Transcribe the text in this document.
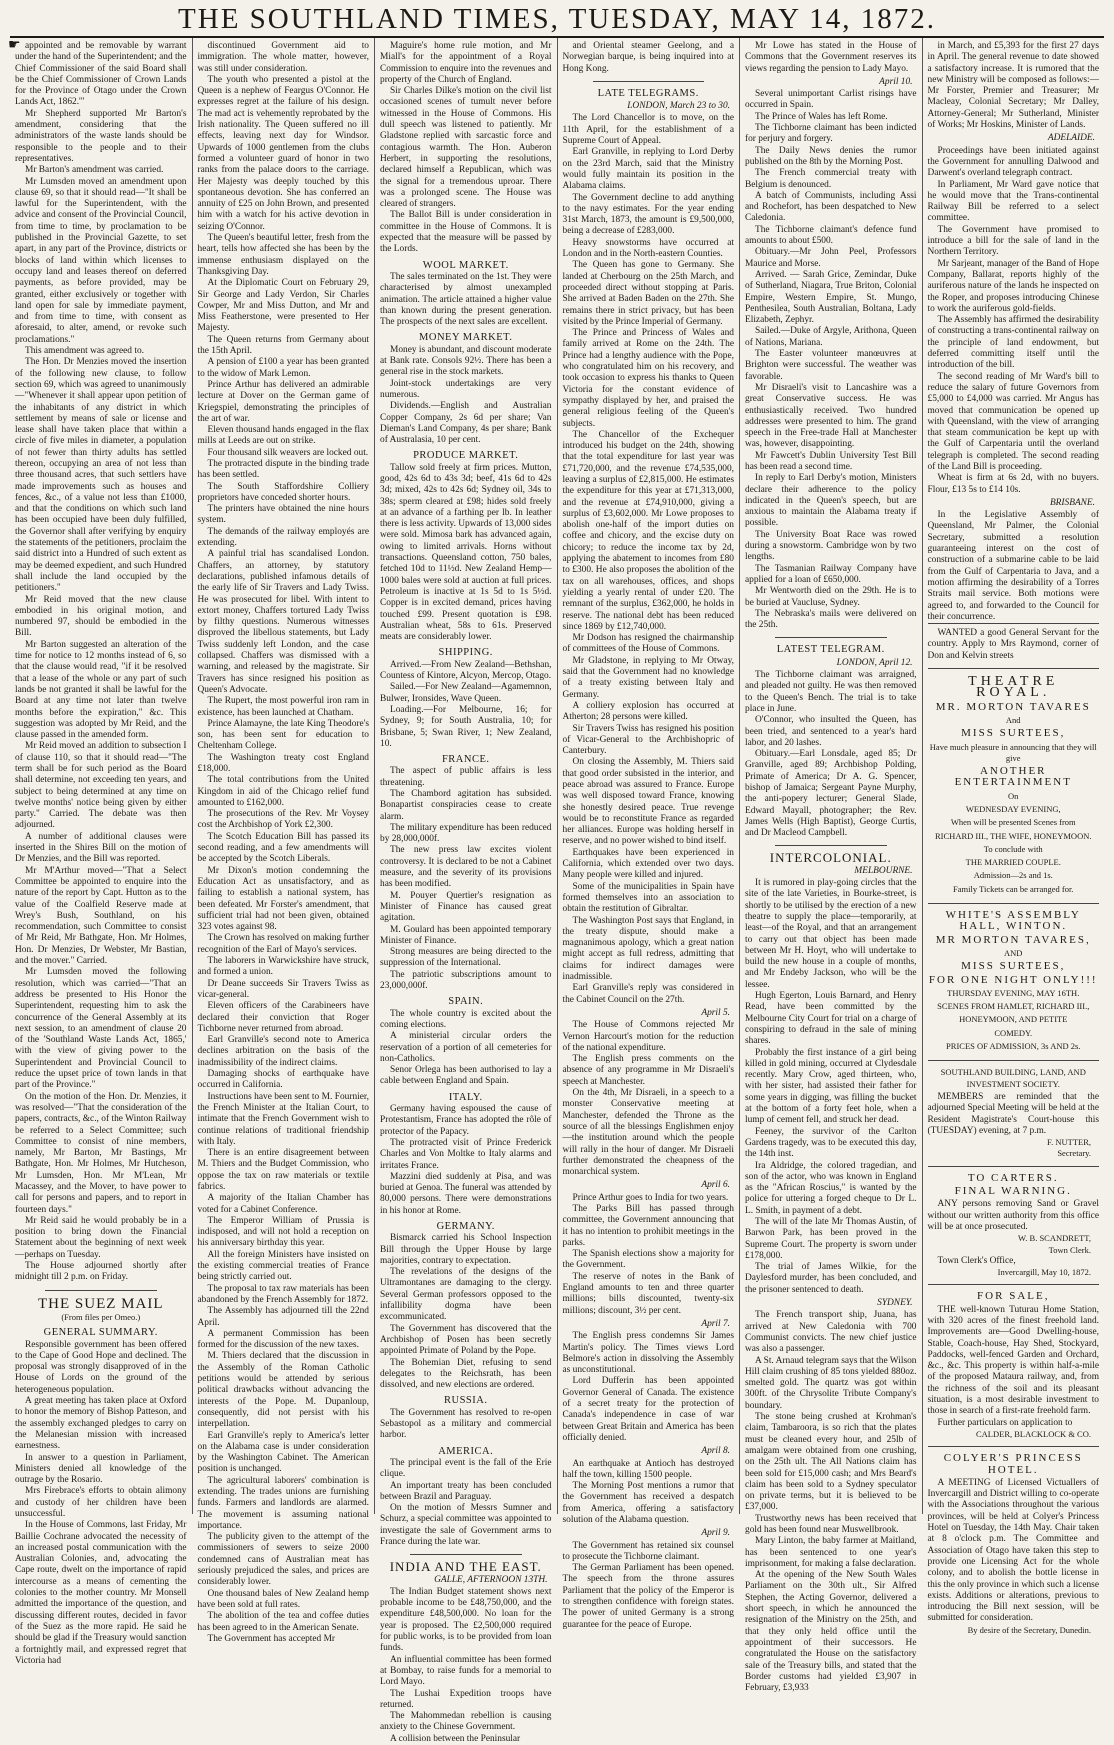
☛
THE SOUTHLAND TIMES, TUESDAY, MAY 14, 1872.

appointed and be removable by warrant under the hand of the Superintendent; and the Chief Commissioner of the said Board shall be the Chief Commissioner of Crown Lands for the Province of Otago under the Crown Lands Act, 1862.'"

Mr Shepherd supported Mr Barton's amendment, considering that the administrators of the waste lands should be responsible to the people and to their representatives.

Mr Barton's amendment was carried.

Mr Lumsden moved an amendment upon clause 69, so that it should read—"It shall be lawful for the Superintendent, with the advice and consent of the Provincial Council, from time to time, by proclamation to be published in the Provincial Gazette, to set apart, in any part of the Province, districts or blocks of land within which licenses to occupy land and leases thereof on deferred payments, as before provided, may be granted, either exclusively or together with land open for sale by immediate payment, and from time to time, with consent as aforesaid, to alter, amend, or revoke such proclamations."

This amendment was agreed to.

The Hon. Dr Menzies moved the insertion of the following new clause, to follow section 69, which was agreed to unanimously—"Whenever it shall appear upon petition of the inhabitants of any district in which settlement by means of sale or license and lease shall have taken place that within a circle of five miles in diameter, a population of not fewer than thirty adults has settled thereon, occupying an area of not less than three thousand acres, that such settlers have made improvements such as houses and fences, &c., of a value not less than £1000, and that the conditions on which such land has been occupied have been duly fulfilled, the Governor shall after verifying by enquiry the statements of the petitioners, proclaim the said district into a Hundred of such extent as may be deemed expedient, and such Hundred shall include the land occupied by the petitioners."

Mr Reid moved that the new clause embodied in his original motion, and numbered 97, should be embodied in the Bill.

Mr Barton suggested an alteration of the time for notice to 12 months instead of 6, so that the clause would read, "if it be resolved that a lease of the whole or any part of such lands be not granted it shall be lawful for the Board at any time not later than twelve months before the expiration," &c. This suggestion was adopted by Mr Reid, and the clause passed in the amended form.

Mr Reid moved an addition to subsection I of clause 110, so that it should read—"The term shall be for such period as the Board shall determine, not exceeding ten years, and subject to being determined at any time on twelve months' notice being given by either party." Carried. The debate was then adjourned.

A number of additional clauses were inserted in the Shires Bill on the motion of Dr Menzies, and the Bill was reported.

Mr M'Arthur moved—"That a Select Committee be appointed to enquire into the nature of the report by Capt. Hutton as to the value of the Coalfield Reserve made at Wrey's Bush, Southland, on his recommendation, such Committee to consist of Mr Reid, Mr Bathgate, Hon. Mr Holmes, Hon. Dr Menzies, Dr Webster, Mr Bastian, and the mover." Carried.

Mr Lumsden moved the following resolution, which was carried—"That an address be presented to His Honor the Superintendent, requesting him to ask the concurrence of the General Assembly at its next session, to an amendment of clause 20 of the 'Southland Waste Lands Act, 1865,' with the view of giving power to the Superintendent and Provincial Council to reduce the upset price of town lands in that part of the Province."

On the motion of the Hon. Dr. Menzies, it was resolved—"That the consideration of the papers, contracts, &c., of the Winton Railway be referred to a Select Committee; such Committee to consist of nine members, namely, Mr Barton, Mr Bastings, Mr Bathgate, Hon. Mr Holmes, Mr Hutcheson, Mr Lumsden, Hon. Mr M'Lean, Mr Macassey, and the Mover, to have power to call for persons and papers, and to report in fourteen days."

Mr Reid said he would probably be in a position to bring down the Financial Statement about the beginning of next week—perhaps on Tuesday.

The House adjourned shortly after midnight till 2 p.m. on Friday.

THE SUEZ MAIL
(From files per Omeo.)
GENERAL SUMMARY.

Responsible government has been offered to the Cape of Good Hope and declined. The proposal was strongly disapproved of in the House of Lords on the ground of the heterogeneous population.

A great meeting has taken place at Oxford to honor the memory of Bishop Patteson, and the assembly exchanged pledges to carry on the Melanesian mission with increased earnestness.

In answer to a question in Parliament, Ministers denied all knowledge of the outrage by the Rosario.

Mrs Firebrace's efforts to obtain alimony and custody of her children have been unsuccessful.

In the House of Commons, last Friday, Mr Baillie Cochrane advocated the necessity of an increased postal communication with the Australian Colonies, and, advocating the Cape route, dwelt on the importance of rapid intercourse as a means of cementing the colonies to the mother country. Mr Monsell admitted the importance of the question, and discussing different routes, decided in favor of the Suez as the more rapid. He said he should be glad if the Treasury would sanction a fortnightly mail, and expressed regret that Victoria had

discontinued Government aid to immigration. The whole matter, however, was still under consideration.

The youth who presented a pistol at the Queen is a nephew of Feargus O'Connor. He expresses regret at the failure of his design. The mad act is vehemently reprobated by the Irish nationality. The Queen suffered no ill effects, leaving next day for Windsor. Upwards of 1000 gentlemen from the clubs formed a volunteer guard of honor in two ranks from the palace doors to the carriage. Her Majesty was deeply touched by this spontaneous devotion. She has conferred an annuity of £25 on John Brown, and presented him with a watch for his active devotion in seizing O'Connor.

The Queen's beautiful letter, fresh from the heart, tells how affected she has been by the immense enthusiasm displayed on the Thanksgiving Day.

At the Diplomatic Court on February 29, Sir George and Lady Verdon, Sir Charles Cowper, Mr and Miss Dutton, and Mr and Miss Featherstone, were presented to Her Majesty.

The Queen returns from Germany about the 15th April.

A pension of £100 a year has been granted to the widow of Mark Lemon.

Prince Arthur has delivered an admirable lecture at Dover on the German game of Kriegspiel, demonstrating the principles of the art of war.

Eleven thousand hands engaged in the flax mills at Leeds are out on strike.

Four thousand silk weavers are locked out.

The protracted dispute in the binding trade has been settled.

The South Staffordshire Colliery proprietors have conceded shorter hours.

The printers have obtained the nine hours system.

The demands of the railway employés are extending.

A painful trial has scandalised London. Chaffers, an attorney, by statutory declarations, published infamous details of the early life of Sir Travers and Lady Twiss. He was prosecuted for libel. With intent to extort money, Chaffers tortured Lady Twiss by filthy questions. Numerous witnesses disproved the libellous statements, but Lady Twiss suddenly left London, and the case collapsed. Chaffers was dismissed with a warning, and released by the magistrate. Sir Travers has since resigned his position as Queen's Advocate.

The Rupert, the most powerful iron ram in existence, has been launched at Chatham.

Prince Alamayne, the late King Theodore's son, has been sent for education to Cheltenham College.

The Washington treaty cost England £18,000.

The total contributions from the United Kingdom in aid of the Chicago relief fund amounted to £162,000.

The prosecutions of the Rev. Mr Voysey cost the Archbishop of York £2,300.

The Scotch Education Bill has passed its second reading, and a few amendments will be accepted by the Scotch Liberals.

Mr Dixon's motion condemning the Education Act as unsatisfactory, and as failing to establish a national system, has been defeated. Mr Forster's amendment, that sufficient trial had not been given, obtained 323 votes against 98.

The Crown has resolved on making further recognition of the Earl of Mayo's services.

The laborers in Warwickshire have struck, and formed a union.

Dr Deane succeeds Sir Travers Twiss as vicar-general.

Eleven officers of the Carabineers have declared their conviction that Roger Tichborne never returned from abroad.

Earl Granville's second note to America declines arbitration on the basis of the inadmissibility of the indirect claims.

Damaging shocks of earthquake have occurred in California.

Instructions have been sent to M. Fournier, the French Minister at the Italian Court, to intimate that the French Government wish to continue relations of traditional friendship with Italy.

There is an entire disagreement between M. Thiers and the Budget Commission, who oppose the tax on raw materials or textile fabrics.

A majority of the Italian Chamber has voted for a Cabinet Conference.

The Emperor William of Prussia is indisposed, and will not hold a reception on his anniversary birthday this year.

All the foreign Ministers have insisted on the existing commercial treaties of France being strictly carried out.

The proposal to tax raw materials has been abandoned by the French Assembly for 1872.

The Assembly has adjourned till the 22nd April.

A permanent Commission has been formed for the discussion of the new taxes.

M. Thiers declared that the discussion in the Assembly of the Roman Catholic petitions would be attended by serious political drawbacks without advancing the interests of the Pope. M. Dupanloup, consequently, did not persist with his interpellation.

Earl Granville's reply to America's letter on the Alabama case is under consideration by the Washington Cabinet. The American position is unchanged.

The agricultural laborers' combination is extending. The trades unions are furnishing funds. Farmers and landlords are alarmed. The movement is assuming national importance.

The publicity given to the attempt of the commissioners of sewers to seize 2000 condemned cans of Australian meat has seriously prejudiced the sales, and prices are considerably lower.

One thousand bales of New Zealand hemp have been sold at full rates.

The abolition of the tea and coffee duties has been agreed to in the American Senate.

The Government has accepted Mr

Maguire's home rule motion, and Mr Miall's for the appointment of a Royal Commission to enquire into the revenues and property of the Church of England.

Sir Charles Dilke's motion on the civil list occasioned scenes of tumult never before witnessed in the House of Commons. His dull speech was listened to patiently. Mr Gladstone replied with sarcastic force and contagious warmth. The Hon. Auberon Herbert, in supporting the resolutions, declared himself a Republican, which was the signal for a tremendous uproar. There was a prolonged scene. The House was cleared of strangers.

The Ballot Bill is under consideration in committee in the House of Commons. It is expected that the measure will be passed by the Lords.

WOOL MARKET.

The sales terminated on the 1st. They were characterised by almost unexampled animation. The article attained a higher value than known during the present generation. The prospects of the next sales are excellent.

MONEY MARKET.

Money is abundant, and discount moderate at Bank rate. Consols 92½. There has been a general rise in the stock markets.

Joint-stock undertakings are very numerous.

Dividends.—English and Australian Copper Company, 2s 6d per share; Van Dieman's Land Company, 4s per share; Bank of Australasia, 10 per cent.

PRODUCE MARKET.

Tallow sold freely at firm prices. Mutton, good, 42s 6d to 43s 3d; beef, 41s 6d to 42s 3d; mixed, 42s to 42s 6d; Sydney oil, 34s to 38s; sperm cleared at £98; hides sold freely at an advance of a farthing per lb. In leather there is less activity. Upwards of 13,000 sides were sold. Mimosa bark has advanced again, owing to limited arrivals. Horns without transactions. Queensland cotton, 750 bales, fetched 10d to 11½d. New Zealand Hemp—1000 bales were sold at auction at full prices. Petroleum is inactive at 1s 5d to 1s 5½d. Copper is in excited demand, prices having touched £99. Present quotation is £98. Australian wheat, 58s to 61s. Preserved meats are considerably lower.

SHIPPING.

Arrived.—From New Zealand—Bethshan, Countess of Kintore, Alcyon, Mercop, Otago.

Sailed.—For New Zealand—Agamemnon, Bulwer, Ironsides, Wave Queen.

Loading.—For Melbourne, 16; for Sydney, 9; for South Australia, 10; for Brisbane, 5; Swan River, 1; New Zealand, 10.

FRANCE.

The aspect of public affairs is less threatening.

The Chambord agitation has subsided. Bonapartist conspiracies cease to create alarm.

The military expenditure has been reduced by 28,000,000f.

The new press law excites violent controversy. It is declared to be not a Cabinet measure, and the severity of its provisions has been modified.

M. Pouyer Quertier's resignation as Minister of Finance has caused great agitation.

M. Goulard has been appointed temporary Minister of Finance.

Strong measures are being directed to the suppression of the International.

The patriotic subscriptions amount to 23,000,000f.

SPAIN.

The whole country is excited about the coming elections.

A ministerial circular orders the reservation of a portion of all cemeteries for non-Catholics.

Senor Orlega has been authorised to lay a cable between England and Spain.

ITALY.

Germany having espoused the cause of Protestantism, France has adopted the rôle of protector of the Papacy.

The protracted visit of Prince Frederick Charles and Von Moltke to Italy alarms and irritates France.

Mazzini died suddenly at Pisa, and was buried at Genoa. The funeral was attended by 80,000 persons. There were demonstrations in his honor at Rome.

GERMANY.

Bismarck carried his School Inspection Bill through the Upper House by large majorities, contrary to expectation.

The revelations of the designs of the Ultramontanes are damaging to the clergy. Several German professors opposed to the infallibility dogma have been excommunicated.

The Government has discovered that the Archbishop of Posen has been secretly appointed Primate of Poland by the Pope.

The Bohemian Diet, refusing to send delegates to the Reichsrath, has been dissolved, and new elections are ordered.

RUSSIA.

The Government has resolved to re-open Sebastopol as a military and commercial harbor.

AMERICA.

The principal event is the fall of the Erie clique.

An important treaty has been concluded between Brazil and Paraguay.

On the motion of Messrs Sumner and Schurz, a special committee was appointed to investigate the sale of Government arms to France during the late war.

INDIA AND THE EAST.
GALLE, AFTERNOON 13TH.

The Indian Budget statement shows next probable income to be £48,750,000, and the expenditure £48,500,000. No loan for the year is proposed. The £2,500,000 required for public works, is to be provided from loan funds.

An influential committee has been formed at Bombay, to raise funds for a memorial to Lord Mayo.

The Lushai Expedition troops have returned.

The Mahommedan rebellion is causing anxiety to the Chinese Government.

A collision between the Peninsular

and Oriental steamer Geelong, and a Norwegian barque, is being inquired into at Hong Kong.

LATE TELEGRAMS.
LONDON, March 23 to 30.

The Lord Chancellor is to move, on the 11th April, for the establishment of a Supreme Court of Appeal.

Earl Granville, in replying to Lord Derby on the 23rd March, said that the Ministry would fully maintain its position in the Alabama claims.

The Government decline to add anything to the navy estimates. For the year ending 31st March, 1873, the amount is £9,500,000, being a decrease of £283,000.

Heavy snowstorms have occurred at London and in the North-eastern Counties.

The Queen has gone to Germany. She landed at Cherbourg on the 25th March, and proceeded direct without stopping at Paris. She arrived at Baden Baden on the 27th. She remains there in strict privacy, but has been visited by the Prince Imperial of Germany.

The Prince and Princess of Wales and family arrived at Rome on the 24th. The Prince had a lengthy audience with the Pope, who congratulated him on his recovery, and took occasion to express his thanks to Queen Victoria for the constant evidence of sympathy displayed by her, and praised the general religious feeling of the Queen's subjects.

The Chancellor of the Exchequer introduced his budget on the 24th, showing that the total expenditure for last year was £71,720,000, and the revenue £74,535,000, leaving a surplus of £2,815,000. He estimates the expenditure for this year at £71,313,000, and the revenue at £74,910,000, giving a surplus of £3,602,000. Mr Lowe proposes to abolish one-half of the import duties on coffee and chicory, and the excise duty on chicory; to reduce the income tax by 2d, applying the abatement to incomes from £80 to £300. He also proposes the abolition of the tax on all warehouses, offices, and shops yielding a yearly rental of under £20. The remnant of the surplus, £362,000, he holds in reserve. The national debt has been reduced since 1869 by £12,740,000.

Mr Dodson has resigned the chairmanship of committees of the House of Commons.

Mr Gladstone, in replying to Mr Otway, said that the Government had no knowledge of a treaty existing between Italy and Germany.

A colliery explosion has occurred at Atherton; 28 persons were killed.

Sir Travers Twiss has resigned his position of Vicar-General to the Archbishopric of Canterbury.

On closing the Assembly, M. Thiers said that good order subsisted in the interior, and peace abroad was assured to France. Europe was well disposed toward France, knowing she honestly desired peace. True revenge would be to reconstitute France as regarded her alliances. Europe was holding herself in reserve, and no power wished to bind itself.

Earthquakes have been experienced in California, which extended over two days. Many people were killed and injured.

Some of the municipalities in Spain have formed themselves into an association to obtain the restitution of Gibraltar.

The Washington Post says that England, in the treaty dispute, should make a magnanimous apology, which a great nation might accept as full redress, admitting that claims for indirect damages were inadmissible.

Earl Granville's reply was considered in the Cabinet Council on the 27th.

April 5.

The House of Commons rejected Mr Vernon Harcourt's motion for the reduction of the national expenditure.

The English press comments on the absence of any programme in Mr Disraeli's speech at Manchester.

On the 4th, Mr Disraeli, in a speech to a monster Conservative meeting at Manchester, defended the Throne as the source of all the blessings Englishmen enjoy—the institution around which the people will rally in the hour of danger. Mr Disraeli further demonstrated the cheapness of the monarchical system.

April 6.

Prince Arthur goes to India for two years.

The Parks Bill has passed through committee, the Government announcing that it has no intention to prohibit meetings in the parks.

The Spanish elections show a majority for the Government.

The reserve of notes in the Bank of England amounts to ten and three quarter millions; bills discounted, twenty-six millions; discount, 3½ per cent.

April 7.

The English press condemns Sir James Martin's policy. The Times views Lord Belmore's action in dissolving the Assembly as unconstitutional.

Lord Dufferin has been appointed Governor General of Canada. The existence of a secret treaty for the protection of Canada's independence in case of war between Great Britain and America has been officially denied.

April 8.

An earthquake at Antioch has destroyed half the town, killing 1500 people.

The Morning Post mentions a rumor that the Government has received a despatch from America, offering a satisfactory solution of the Alabama question.

April 9.

The Government has retained six counsel to prosecute the Tichborne claimant.

The German Parliament has been opened. The speech from the throne assures Parliament that the policy of the Emperor is to strengthen confidence with foreign states. The power of united Germany is a strong guarantee for the peace of Europe.

Mr Lowe has stated in the House of Commons that the Government reserves its views regarding the pension to Lady Mayo.

April 10.

Several unimportant Carlist risings have occurred in Spain.

The Prince of Wales has left Rome.

The Tichborne claimant has been indicted for perjury and forgery.

The Daily News denies the rumor published on the 8th by the Morning Post.

The French commercial treaty with Belgium is denounced.

A batch of Communists, including Assi and Rochefort, has been despatched to New Caledonia.

The Tichborne claimant's defence fund amounts to about £500.

Obituary.—Mr John Peel, Professors Maurice and Morse.

Arrived. — Sarah Grice, Zemindar, Duke of Sutherland, Niagara, True Briton, Colonial Empire, Western Empire, St. Mungo, Penthesilea, South Australian, Boltana, Lady Elizabeth, Zephyr.

Sailed.—Duke of Argyle, Arithona, Queen of Nations, Mariana.

The Easter volunteer manœuvres at Brighton were successful. The weather was favorable.

Mr Disraeli's visit to Lancashire was a great Conservative success. He was enthusiastically received. Two hundred addresses were presented to him. The grand speech in the Free-trade Hall at Manchester was, however, disappointing.

Mr Fawcett's Dublin University Test Bill has been read a second time.

In reply to Earl Derby's motion, Ministers declare their adherence to the policy indicated in the Queen's speech, but are anxious to maintain the Alabama treaty if possible.

The University Boat Race was rowed during a snowstorm. Cambridge won by two lengths.

The Tasmanian Railway Company have applied for a loan of £650,000.

Mr Wentworth died on the 29th. He is to be buried at Vaucluse, Sydney.

The Nebraska's mails were delivered on the 25th.

LATEST TELEGRAM.
LONDON, April 12.

The Tichborne claimant was arraigned, and pleaded not guilty. He was then removed to the Queen's Bench. The trial is to take place in June.

O'Connor, who insulted the Queen, has been tried, and sentenced to a year's hard labor, and 20 lashes.

Obituary.—Earl Lonsdale, aged 85; Dr Granville, aged 89; Archbishop Polding, Primate of America; Dr A. G. Spencer, bishop of Jamaica; Sergeant Payne Murphy, the anti-popery lecturer; General Slade, Edward Mayall, photographer; the Rev. James Wells (High Baptist), George Curtis, and Dr Macleod Campbell.

INTERCOLONIAL.
MELBOURNE.

It is rumored in play-going circles that the site of the late Varieties, in Bourke-street, is shortly to be utilised by the erection of a new theatre to supply the place—temporarily, at least—of the Royal, and that an arrangement to carry out that object has been made between Mr H. Hoyt, who will undertake to build the new house in a couple of months, and Mr Endeby Jackson, who will be the lessee.

Hugh Egerton, Louis Barnard, and Henry Read, have been committed by the Melbourne City Court for trial on a charge of conspiring to defraud in the sale of mining shares.

Probably the first instance of a girl being killed in gold mining, occurred at Clydesdale recently. Mary Crow, aged thirteen, who, with her sister, had assisted their father for some years in digging, was filling the bucket at the bottom of a forty feet hole, when a lump of cement fell, and struck her dead.

Feeney, the survivor of the Carlton Gardens tragedy, was to be executed this day, the 14th inst.

Ira Aldridge, the colored tragedian, and son of the actor, who was known in England as the "African Roscius," is wanted by the police for uttering a forged cheque to Dr L. L. Smith, in payment of a debt.

The will of the late Mr Thomas Austin, of Barwon Park, has been proved in the Supreme Court. The property is sworn under £178,000.

The trial of James Wilkie, for the Daylesford murder, has been concluded, and the prisoner sentenced to death.

SYDNEY.

The French transport ship, Juana, has arrived at New Caledonia with 700 Communist convicts. The new chief justice was also a passenger.

A St. Arnaud telegram says that the Wilson Hill claim crushing of 85 tons yielded 880oz. smelted gold. The quartz was got within 300ft. of the Chrysolite Tribute Company's boundary.

The stone being crushed at Krohman's claim, Tambaroora, is so rich that the plates must be cleaned every hour, and 25lb of amalgam were obtained from one crushing, on the 25th ult. The All Nations claim has been sold for £15,000 cash; and Mrs Beard's claim has been sold to a Sydney speculator on private terms, but it is believed to be £37,000.

Trustworthy news has been received that gold has been found near Muswellbrook.

Mary Linton, the baby farmer at Maitland, has been sentenced to one year's imprisonment, for making a false declaration.

At the opening of the New South Wales Parliament on the 30th ult., Sir Alfred Stephen, the Acting Governor, delivered a short speech, in which he announced the resignation of the Ministry on the 25th, and that they only held office until the appointment of their successors. He congratulated the House on the satisfactory sale of the Treasury bills, and stated that the Border customs had yielded £3,907 in February, £3,933

in March, and £5,393 for the first 27 days in April. The general revenue to date showed a satisfactory increase. It is rumored that the new Ministry will be composed as follows:—Mr Forster, Premier and Treasurer; Mr Macleay, Colonial Secretary; Mr Dalley, Attorney-General; Mr Sutherland, Minister of Works; Mr Hoskins, Minister of Lands.

ADELAIDE.

Proceedings have been initiated against the Government for annulling Dalwood and Darwent's overland telegraph contract.

In Parliament, Mr Ward gave notice that he would move that the Trans-continental Railway Bill be referred to a select committee.

The Government have promised to introduce a bill for the sale of land in the Northern Territory.

Mr Sarjeant, manager of the Band of Hope Company, Ballarat, reports highly of the auriferous nature of the lands he inspected on the Roper, and proposes introducing Chinese to work the auriferous gold-fields.

The Assembly has affirmed the desirability of constructing a trans-continental railway on the principle of land endowment, but deferred committing itself until the introduction of the bill.

The second reading of Mr Ward's bill to reduce the salary of future Governors from £5,000 to £4,000 was carried. Mr Angus has moved that communication be opened up with Queensland, with the view of arranging that steam communication be kept up with the Gulf of Carpentaria until the overland telegraph is completed. The second reading of the Land Bill is proceeding.

Wheat is firm at 6s 2d, with no buyers. Flour, £13 5s to £14 10s.

BRISBANE.

In the Legislative Assembly of Queensland, Mr Palmer, the Colonial Secretary, submitted a resolution guaranteeing interest on the cost of construction of a submarine cable to be laid from the Gulf of Carpentaria to Java, and a motion affirming the desirability of a Torres Straits mail service. Both motions were agreed to, and forwarded to the Council for their concurrence.

WANTED a good General Servant for the country. Apply to Mrs Raymond, corner of Don and Kelvin streets

THEATRE ROYAL.
MR. MORTON TAVARES
And
MISS SURTEES,
Have much pleasure in announcing that they will give
ANOTHER ENTERTAINMENT
On
WEDNESDAY EVENING,
When will be presented Scenes from
RICHARD III., THE WIFE, HONEYMOON.
To conclude with
THE MARRIED COUPLE.
Admission—2s and 1s.
Family Tickets can be arranged for.
WHITE'S ASSEMBLY HALL, WINTON.
MR MORTON TAVARES,
AND
MISS SURTEES,
FOR ONE NIGHT ONLY!!!
THURSDAY EVENING, MAY 16TH.
SCENES FROM HAMLET, RICHARD III.,
HONEYMOON, AND PETITE
COMEDY.
PRICES OF ADMISSION, 3s AND 2s.
SOUTHLAND BUILDING, LAND, AND INVESTMENT SOCIETY.

MEMBERS are reminded that the adjourned Special Meeting will be held at the Resident Magistrate's Court-house this (TUESDAY) evening, at 7 p.m.

F. NUTTER,
Secretary.
TO CARTERS.
FINAL WARNING.

ANY persons removing Sand or Gravel without our written authority from this office will be at once prosecuted.

W. B. SCANDRETT,
Town Clerk.

Town Clerk's Office,

Invercargill, May 10, 1872.
FOR SALE,

THE well-known Tuturau Home Station, with 320 acres of the finest freehold land. Improvements are—Good Dwelling-house, Stable, Coach-house, Hay Shed, Stockyard, Paddocks, well-fenced Garden and Orchard, &c., &c. This property is within half-a-mile of the proposed Mataura railway, and, from the richness of the soil and its pleasant situation, is a most desirable investment to those in search of a first-rate freehold farm.

Further particulars on application to

CALDER, BLACKLOCK & CO.
COLYER'S PRINCESS HOTEL.

A MEETING of Licensed Victuallers of Invercargill and District willing to co-operate with the Associations throughout the various provinces, will be held at Colyer's Princess Hotel on Tuesday, the 14th May. Chair taken at 8 o'clock p.m. The Committee and Association of Otago have taken this step to provide one Licensing Act for the whole colony, and to abolish the bottle license in this the only province in which such a license exists. Additions or alterations, previous to introducing the Bill next session, will be submitted for consideration.

By desire of the Secretary, Dunedin.
